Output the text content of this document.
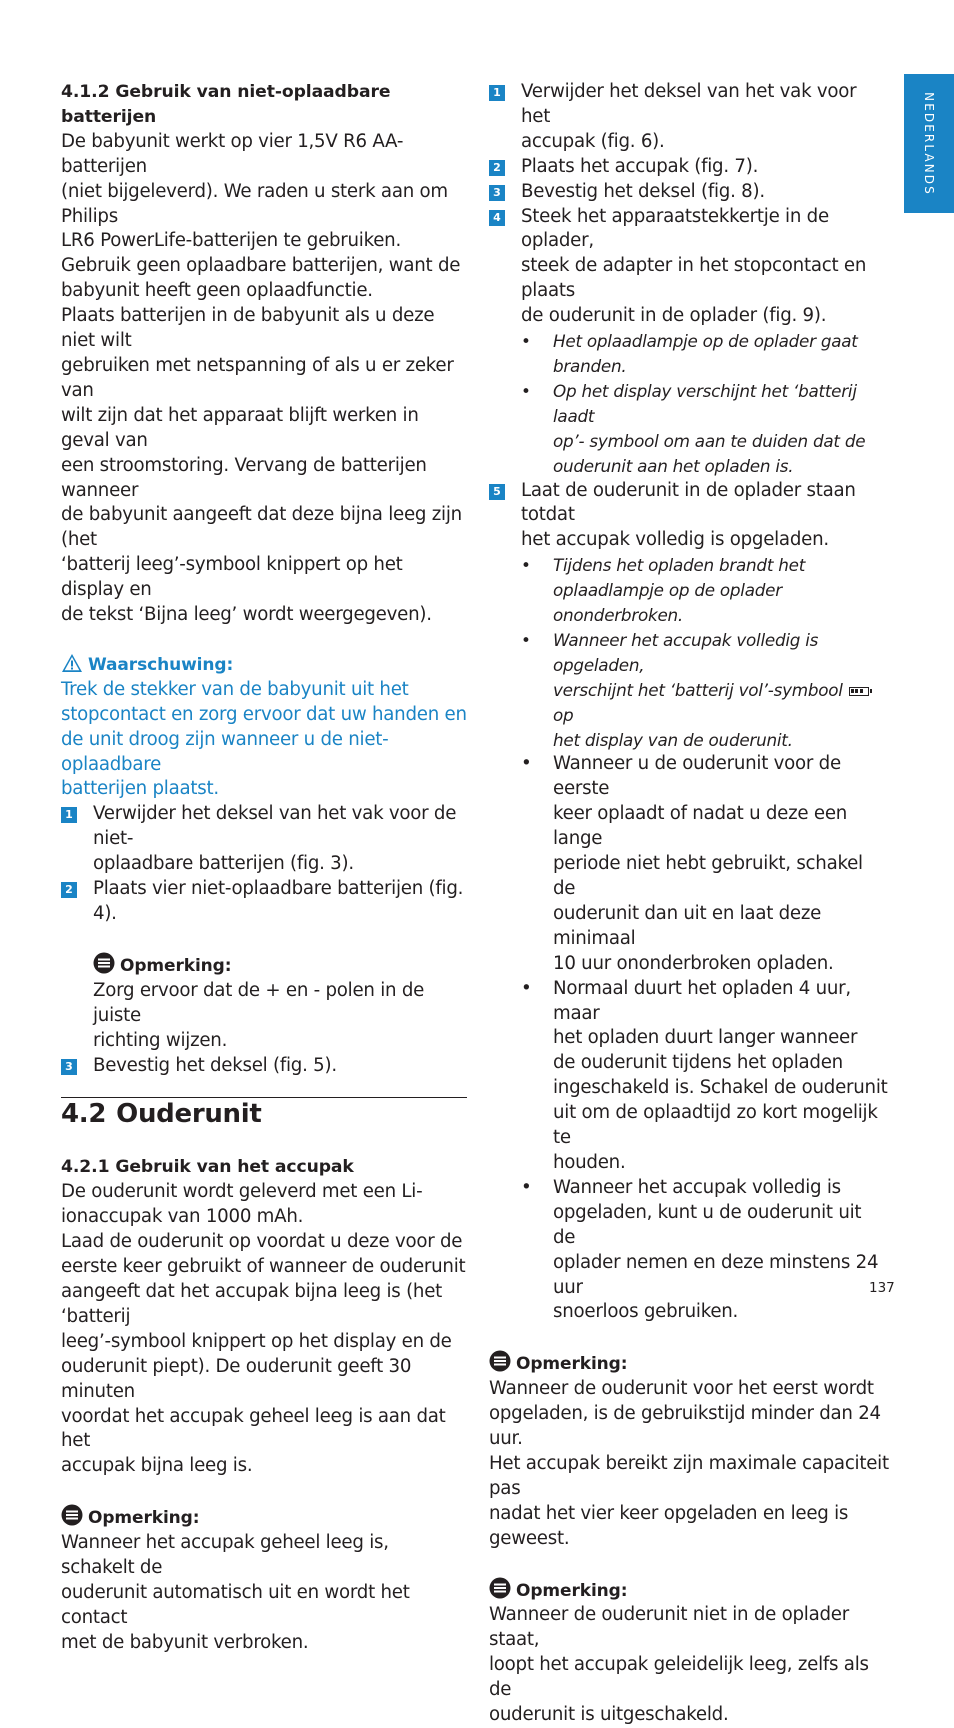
NEDERLANDS

4.1.2 Gebruik van niet-oplaadbare batterijen

De babyunit werkt op vier 1,5V R6 AA-batterijen
(niet bijgeleverd). We raden u sterk aan om Philips
LR6 PowerLife-batterijen te gebruiken.
Gebruik geen oplaadbare batterijen, want de
babyunit heeft geen oplaadfunctie.
Plaats batterijen in de babyunit als u deze niet wilt
gebruiken met netspanning of als u er zeker van
wilt zijn dat het apparaat blijft werken in geval van
een stroomstoring. Vervang de batterijen wanneer
de babyunit aangeeft dat deze bijna leeg zijn (het
‘batterij leeg’-symbool knippert op het display en
de tekst ‘Bijna leeg’ wordt weergegeven).

Waarschuwing:

Trek de stekker van de babyunit uit het
stopcontact en zorg ervoor dat uw handen en
de unit droog zijn wanneer u de niet-oplaadbare
batterijen plaatst.
1 Verwijder het deksel van het vak voor de niet-
oplaadbare batterijen (fig. 3).
2 Plaats vier niet-oplaadbare batterijen (fig. 4).

Opmerking:

Zorg ervoor dat de + en - polen in de juiste
richting wijzen.
3 Bevestig het deksel (fig. 5).
4.2 Ouderunit

4.2.1 Gebruik van het accupak

De ouderunit wordt geleverd met een Li-
ionaccupak van 1000 mAh.
Laad de ouderunit op voordat u deze voor de
eerste keer gebruikt of wanneer de ouderunit
aangeeft dat het accupak bijna leeg is (het ‘batterij
leeg’-symbool knippert op het display en de
ouderunit piept). De ouderunit geeft 30 minuten
voordat het accupak geheel leeg is aan dat het
accupak bijna leeg is.

Opmerking:

Wanneer het accupak geheel leeg is, schakelt de
ouderunit automatisch uit en wordt het contact
met de babyunit verbroken.
1 Verwijder het deksel van het vak voor het
accupak (fig. 6).
2 Plaats het accupak (fig. 7).
3 Bevestig het deksel (fig. 8).
4 Steek het apparaatstekkertje in de oplader,
steek de adapter in het stopcontact en plaats
de ouderunit in de oplader (fig. 9).
• Het oplaadlampje op de oplader gaat
branden.
• Op het display verschijnt het ‘batterij laadt
op’- symbool om aan te duiden dat de
ouderunit aan het opladen is.
5 Laat de ouderunit in de oplader staan totdat
het accupak volledig is opgeladen.
• Tijdens het opladen brandt het
oplaadlampje op de oplader ononderbroken.
• Wanneer het accupak volledig is opgeladen,
verschijnt het ‘batterij vol’-symbool
op
het display van de ouderunit.
• Wanneer u de ouderunit voor de eerste
keer oplaadt of nadat u deze een lange
periode niet hebt gebruikt, schakel de
ouderunit dan uit en laat deze minimaal
10 uur ononderbroken opladen.
• Normaal duurt het opladen 4 uur, maar
het opladen duurt langer wanneer
de ouderunit tijdens het opladen
ingeschakeld is. Schakel de ouderunit
uit om de oplaadtijd zo kort mogelijk te
houden.
• Wanneer het accupak volledig is
opgeladen, kunt u de ouderunit uit de
oplader nemen en deze minstens 24 uur
snoerloos gebruiken.

Opmerking:

Wanneer de ouderunit voor het eerst wordt
opgeladen, is de gebruikstijd minder dan 24 uur.
Het accupak bereikt zijn maximale capaciteit pas
nadat het vier keer opgeladen en leeg is geweest.

Opmerking:

Wanneer de ouderunit niet in de oplader staat,
loopt het accupak geleidelijk leeg, zelfs als de
ouderunit is uitgeschakeld.
137
